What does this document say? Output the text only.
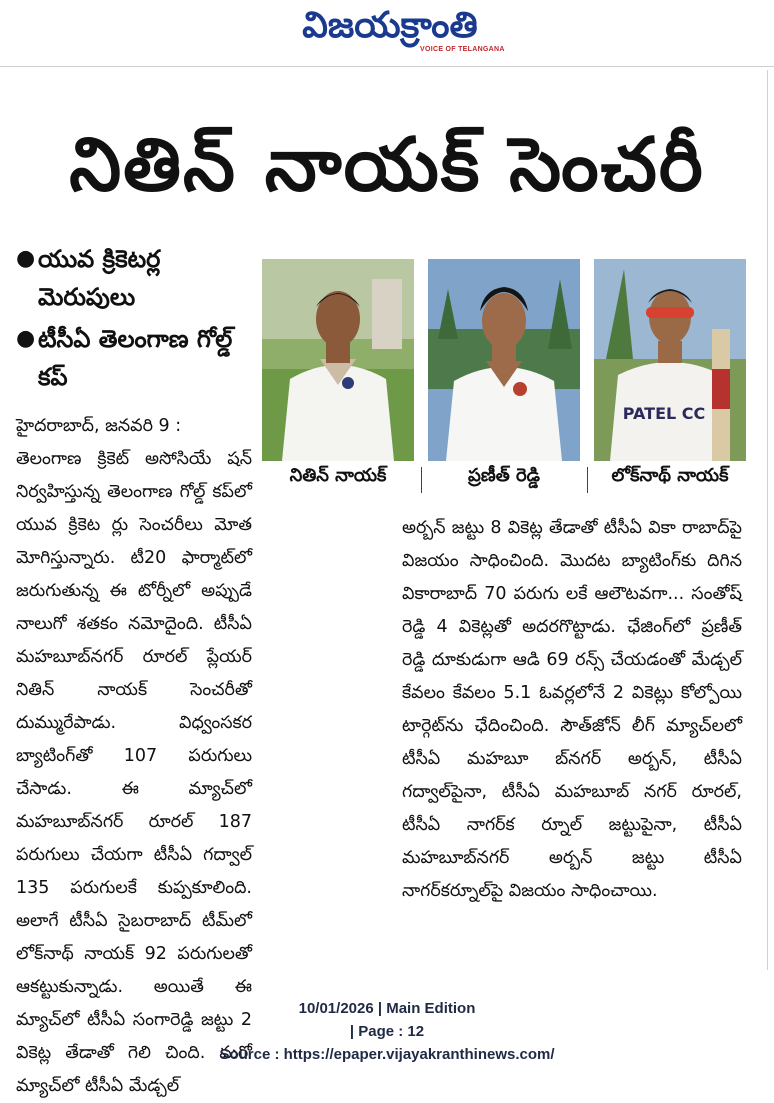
విజయక్రాంతి
VOICE OF TELANGANA
నితిన్ నాయక్ సెంచరీ
● యువ క్రికెటర్ల మెరుపులు
● టీసీఏ తెలంగాణ గోల్డ్ కప్
PATEL CC
నితిన్ నాయక్	ప్రణీత్ రెడ్డి	లోక్‌నాథ్ నాయక్

హైదరాబాద్, జనవరి 9 :

తెలంగాణ క్రికెట్ అసోసియే షన్ నిర్వహిస్తున్న తెలంగాణ గోల్డ్ కప్‌లో యువ క్రికెట ర్లు సెంచరీలు మోత మోగిస్తున్నారు. టీ20 ఫార్మాట్‌లో జరుగుతున్న ఈ టోర్నీలో అప్పుడే నాలుగో శతకం నమోదైంది. టీసీఏ మహబూబ్‌నగర్ రూరల్ ప్లేయర్ నితిన్ నాయక్ సెంచరీతో దుమ్మురేపాడు. విధ్వంసకర బ్యాటింగ్‌తో 107 పరుగులు చేసాడు. ఈ మ్యాచ్‌లో మహబూబ్‌నగర్ రూరల్ 187 పరుగులు చేయగా టీసీఏ గద్వాల్ 135 పరుగులకే కుప్పకూలింది. అలాగే టీసీఏ సైబరాబాద్ టీమ్‌లో లోక్‌నాథ్ నాయక్ 92 పరుగులతో ఆకట్టుకున్నాడు. అయితే ఈ మ్యాచ్‌లో టీసీఏ సంగారెడ్డి జట్టు 2 వికెట్ల తేడాతో గెలి చింది. మరో మ్యాచ్‌లో టీసీఏ మేడ్చల్

అర్బన్ జట్టు 8 వికెట్ల తేడాతో టీసీఏ వికా రాబాద్‌పై విజయం సాధించింది. మొదట బ్యాటింగ్‌కు దిగిన వికారాబాద్ 70 పరుగు లకే ఆలౌటవగా... సంతోష్ రెడ్డి 4 వికెట్లతో అదరగొట్టాడు. ఛేజింగ్‌లో ప్రణీత్ రెడ్డి దూకుడుగా ఆడి 69 రన్స్ చేయడంతో మేడ్చల్ కేవలం కేవలం 5.1 ఓవర్లలోనే 2 వికెట్లు కోల్పోయి టార్గెట్‌ను ఛేదించింది. సౌత్‌జోన్ లీగ్ మ్యాచ్‌లలో టీసీఏ మహబూ బ్‌నగర్ అర్బన్, టీసీఏ గద్వాల్‌పైనా, టీసీఏ మహబూబ్ నగర్ రూరల్, టీసీఏ నాగర్‌క ర్నూల్ జట్టుపైనా, టీసీఏ మహబూబ్‌నగర్ అర్బన్ జట్టు టీసీఏ నాగర్‌కర్నూల్‌పై విజయం సాధించాయి.

10/01/2026 | Main Edition
| Page : 12
Source : https://epaper.vijayakranthinews.com/
